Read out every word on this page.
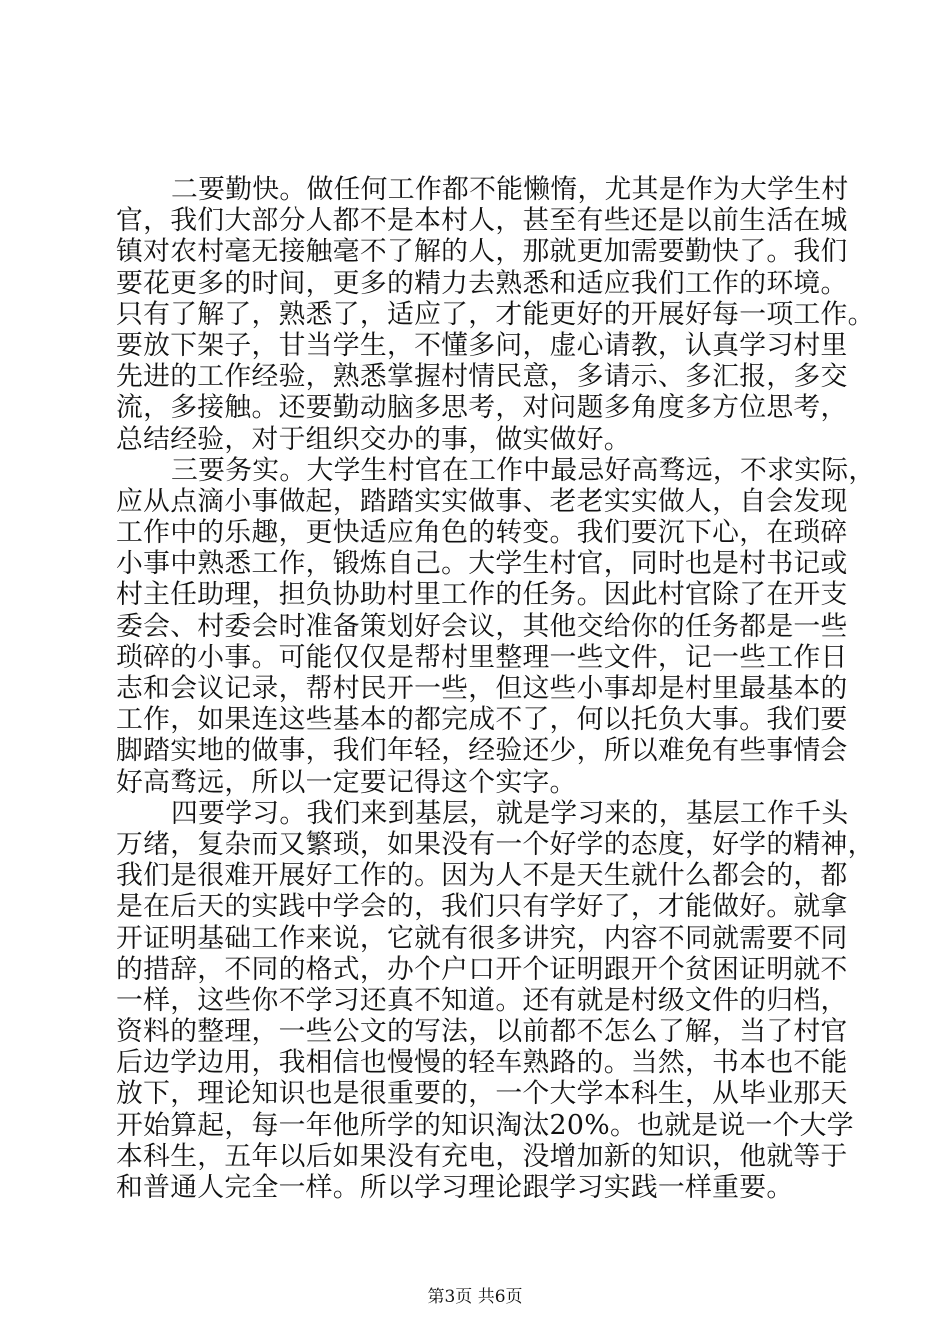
二要勤快。做任何工作都不能懒惰，尤其是作为大学生村
官，我们大部分人都不是本村人，甚至有些还是以前生活在城
镇对农村毫无接触毫不了解的人，那就更加需要勤快了。我们
要花更多的时间，更多的精力去熟悉和适应我们工作的环境。
只有了解了，熟悉了，适应了，才能更好的开展好每一项工作。
要放下架子，甘当学生，不懂多问，虚心请教，认真学习村里
先进的工作经验，熟悉掌握村情民意，多请示、多汇报，多交
流，多接触。还要勤动脑多思考，对问题多角度多方位思考，
总结经验，对于组织交办的事，做实做好。
三要务实。大学生村官在工作中最忌好高骛远，不求实际，
应从点滴小事做起，踏踏实实做事、老老实实做人，自会发现
工作中的乐趣，更快适应角色的转变。我们要沉下心，在琐碎
小事中熟悉工作，锻炼自己。大学生村官，同时也是村书记或
村主任助理，担负协助村里工作的任务。因此村官除了在开支
委会、村委会时准备策划好会议，其他交给你的任务都是一些
琐碎的小事。可能仅仅是帮村里整理一些文件，记一些工作日
志和会议记录，帮村民开一些，但这些小事却是村里最基本的
工作，如果连这些基本的都完成不了，何以托负大事。我们要
脚踏实地的做事，我们年轻，经验还少，所以难免有些事情会
好高骛远，所以一定要记得这个实字。
四要学习。我们来到基层，就是学习来的，基层工作千头
万绪，复杂而又繁琐，如果没有一个好学的态度，好学的精神，
我们是很难开展好工作的。因为人不是天生就什么都会的，都
是在后天的实践中学会的，我们只有学好了，才能做好。就拿
开证明基础工作来说，它就有很多讲究，内容不同就需要不同
的措辞，不同的格式，办个户口开个证明跟开个贫困证明就不
一样，这些你不学习还真不知道。还有就是村级文件的归档，
资料的整理，一些公文的写法，以前都不怎么了解，当了村官
后边学边用，我相信也慢慢的轻车熟路的。当然，书本也不能
放下，理论知识也是很重要的，一个大学本科生，从毕业那天
开始算起，每一年他所学的知识淘汰20%。也就是说一个大学
本科生，五年以后如果没有充电，没增加新的知识，他就等于
和普通人完全一样。所以学习理论跟学习实践一样重要。
第3页 共6页
